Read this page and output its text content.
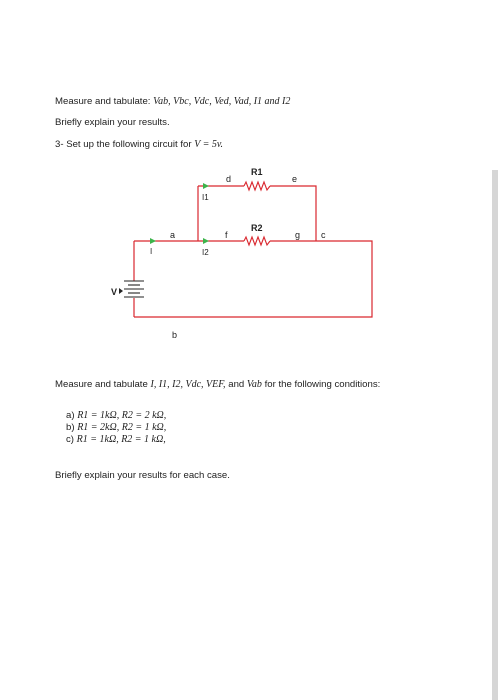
Measure and tabulate: Vab, Vbc, Vdc, Ved, Vad, I1 and I2
Briefly explain your results.
3- Set up the following circuit for V = 5v.
R1
R2
d	e
a	f	g c
b
I
I1
I2
V
Measure and tabulate I, I1, I2, Vdc, VEF, and Vab for the following conditions:
a) R1 = 1kΩ, R2 = 2 kΩ,
b) R1 = 2kΩ, R2 = 1 kΩ,
c) R1 = 1kΩ, R2 = 1 kΩ,
Briefly explain your results for each case.
